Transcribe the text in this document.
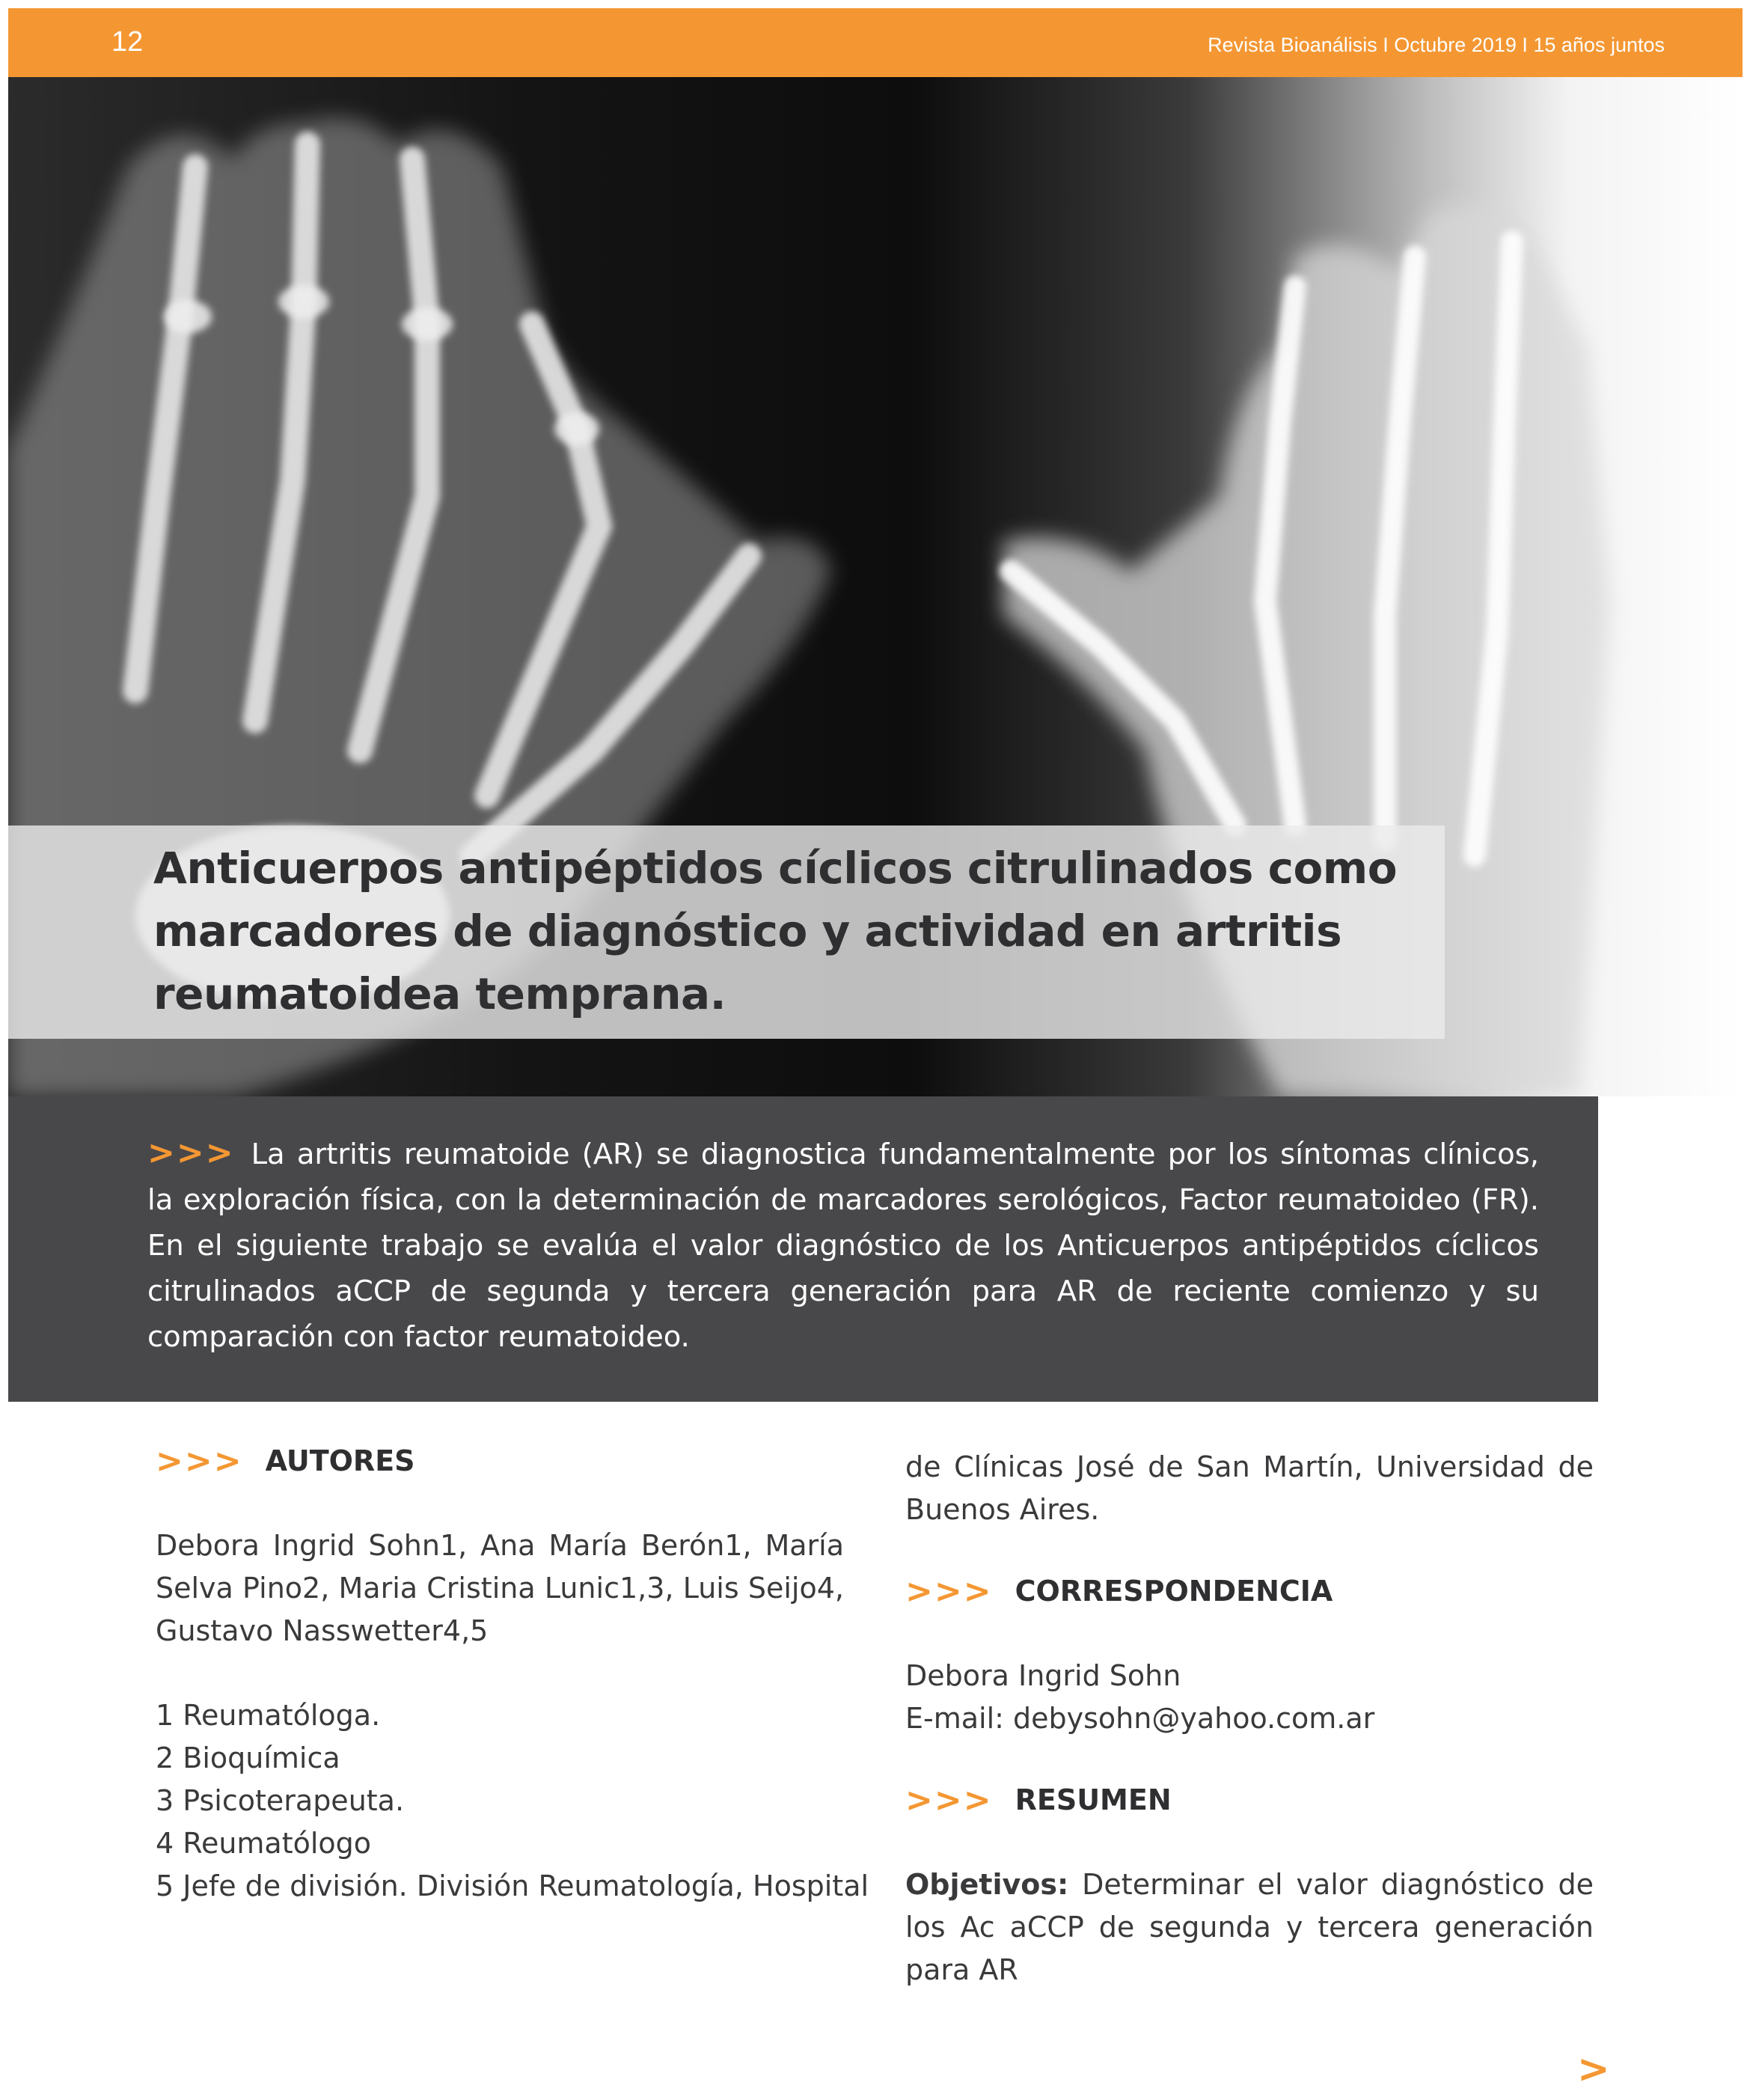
12	Revista Bioanálisis I Octubre 2019 I 15 años juntos
Anticuerpos antipéptidos cíclicos citrulinados como marcadores de diagnóstico y actividad en artritis reumatoidea temprana.

>>> La artritis reumatoide (AR) se diagnostica fundamentalmente por los síntomas clínicos, la exploración física, con la determinación de marcadores serológicos, Factor reumatoideo (FR). En el siguiente trabajo se evalúa el valor diagnóstico de los Anticuerpos antipéptidos cíclicos citrulinados aCCP de segunda y tercera generación para AR de reciente comienzo y su comparación con factor reumatoideo.

>>> AUTORES

Debora Ingrid Sohn1, Ana María Berón1, María Selva Pino2, Maria Cristina Lunic1,3, Luis Seijo4, Gustavo Nasswetter4,5

1 Reumatóloga.

2 Bioquímica

3 Psicoterapeuta.

4 Reumatólogo

5 Jefe de división. División Reumatología, Hospital

de Clínicas José de San Martín, Universidad de Buenos Aires.

>>> CORRESPONDENCIA

Debora Ingrid Sohn

E-mail: debysohn@yahoo.com.ar

>>> RESUMEN

Objetivos: Determinar el valor diagnóstico de los Ac aCCP de segunda y tercera generación para AR

>
